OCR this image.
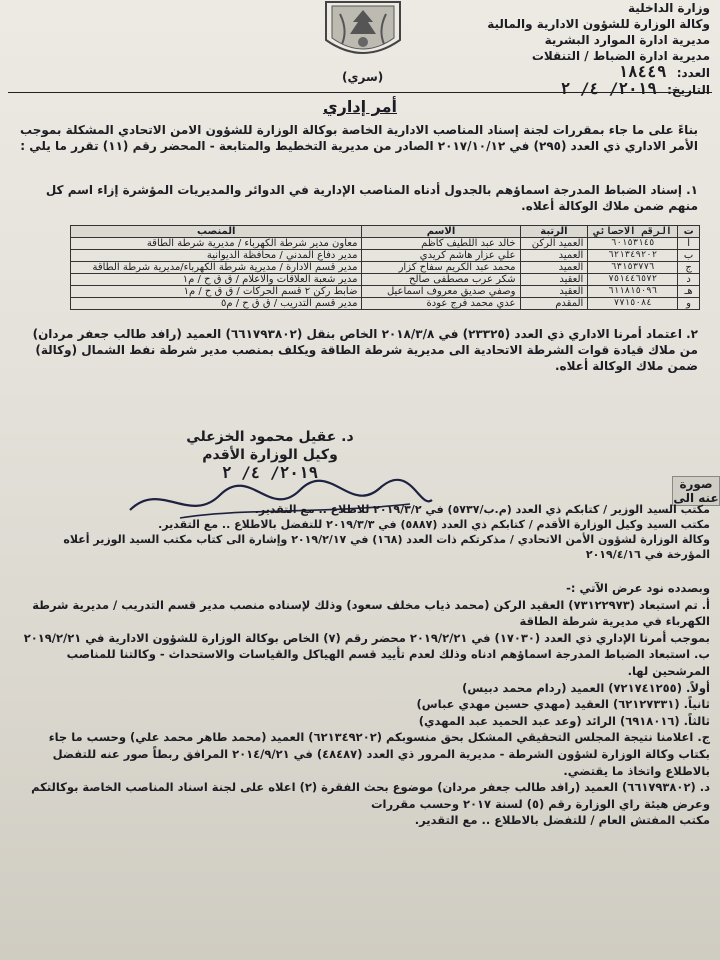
وزارة الداخلية
وكالة الوزارة للشؤون الادارية والمالية
مديرية ادارة الموارد البشرية
مديرية ادارة الضباط / التنقلات
العدد: ١٨٤٤٩
التاريخ: ٢٠١٩/ ٤/ ٢
(سري)
أمر إداري
بناءً على ما جاء بمقررات لجنة إسناد المناصب الادارية الخاصة بوكالة الوزارة للشؤون الامن الاتحادي المشكلة بموجب الأمر الاداري ذي العدد (٢٩٥) في ٢٠١٧/١٠/١٢ الصادر من مديرية التخطيط والمتابعة - المحضر رقم (١١) تقرر ما يلي :
١. إسناد الضباط المدرجة اسماؤهم بالجدول أدناه المناصب الإدارية في الدوائر والمديريات المؤشرة إزاء اسم كل منهم ضمن ملاك الوكالة أعلاه.
ت	الرقم الاحصائي	الرتبة	الاسم	المنصب
أ	٦٠١٥٣١٤٥	العميد الركن	خالد عبد اللطيف كاظم	معاون مدير شرطة الكهرباء / مديرية شرطة الطاقة
ب	٦٢١٣٤٩٢٠٢	العميد	علي عزار هاشم كريدي	مدير دفاع المدني / محافظة الديوانية
ج	٦٣١٥٣٧٧٦	العميد	محمد عبد الكريم سفاح كزار	مدير قسم الادارة / مديرية شرطة الكهرباء/مديرية شرطة الطاقة
د	٧٥١٤٤٦٥٧٢	العقيد	شكر عرب مصطفى صالح	مدير شعبة العلاقات والاعلام / ق ق ح / م١
هـ	٦١١٨١٥٠٩٦	العقيد	وصفي صديق معروف اسماعيل	ضابط ركن ٢ قسم الحركات / ق ق ح / م١
و	٧٧١٥٠٨٤	المقدم	عدي محمد فرج عودة	مدير قسم التدريب / ق ق ح / م٥
٢. اعتماد أمرنا الاداري ذي العدد (٢٣٣٢٥) في ٢٠١٨/٣/٨ الخاص بنقل (٦٦١٧٩٣٨٠٢) العميد (رافد طالب جعفر مردان) من ملاك قيادة قوات الشرطة الاتحادية الى مديرية شرطة الطاقة ويكلف بمنصب مدير شرطة نفط الشمال (وكالة) ضمن ملاك الوكالة أعلاه.
د. عقيل محمود الخزعلي
وكيل الوزارة الأقدم
٢٠١٩/ ٤/ ٢
صورة عنه الى
مكتب السيد الوزير / كتابكم ذي العدد (م.ب/٥٧٣٧) في ٢٠١٩/٣/٢ للاطلاع .. مع التقدير.
مكتب السيد وكيل الوزارة الأقدم / كتابكم ذي العدد (٥٨٨٧) في ٢٠١٩/٣/٣ للتفضل بالاطلاع .. مع التقدير.
وكالة الوزارة لشؤون الأمن الاتحادي / مذكرتكم ذات العدد (١٦٨) في ٢٠١٩/٢/١٧ وإشارة الى كتاب مكتب السيد الوزير أعلاه المؤرخة في ٢٠١٩/٤/١٦

وبصدده نود عرض الآتي :-

أ. تم استبعاد (٧٣١٢٢٩٧٣) العقيد الركن (محمد ذياب مخلف سعود) وذلك لإسناده منصب مدير قسم التدريب / مديرية شرطة الكهرباء في مديرية شرطة الطاقة

بموجب أمرنا الإداري ذي العدد (١٧٠٣٠) في ٢٠١٩/٢/٢١ محضر رقم (٧) الخاص بوكالة الوزارة للشؤون الادارية في ٢٠١٩/٢/٢١

ب. استبعاد الضباط المدرجة اسماؤهم ادناه وذلك لعدم تأييد قسم الهياكل والقياسات والاستحداث - وكالتنا للمناصب المرشحين لها.

أولاً. (٧٢١٧٤١٢٥٥) العميد (ردام محمد دبيس)

ثانياً. (٦٢١٢٧٣٣١) العقيد (مهدي حسين مهدي عباس)

ثالثاً. (٦٩١٨٠١٦) الرائد (وعد عبد الحميد عبد المهدي)

ج. اعلامنا نتيجة المجلس التحقيقي المشكل بحق منسوبكم (٦٢١٣٤٩٢٠٢) العميد (محمد طاهر محمد علي) وحسب ما جاء بكتاب وكالة الوزارة لشؤون الشرطة - مديرية المرور ذي العدد (٤٨٤٨٧) في ٢٠١٤/٩/٢١ المرافق ربطاً صور عنه للتفضل بالاطلاع واتخاذ ما يقتضي.

د. (٦٦١٧٩٣٨٠٢) العميد (رافد طالب جعفر مردان) موضوع بحث الفقرة (٢) اعلاه على لجنة اسناد المناصب الخاصة بوكالتكم وعرض هيئة راي الوزارة رقم (٥) لسنة ٢٠١٧ وحسب مقررات

مكتب المفتش العام / للتفضل بالاطلاع .. مع التقدير.
